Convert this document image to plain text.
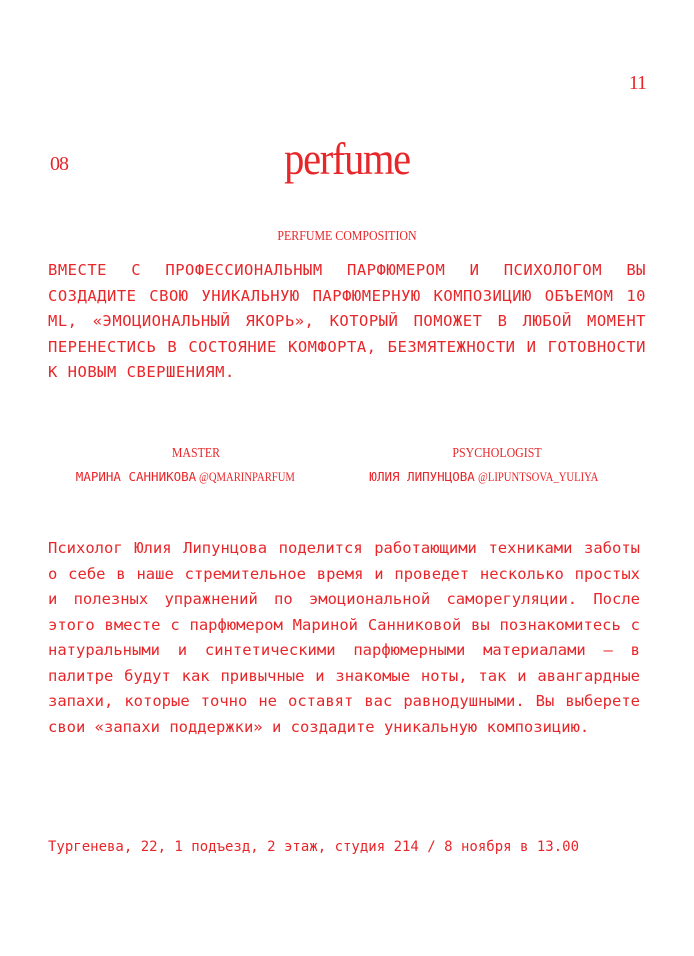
11
08	perfume
PERFUME COMPOSITION
ВМЕСТЕ С ПРОФЕССИОНАЛЬНЫМ ПАРФЮМЕРОМ И ПСИХОЛОГОМ ВЫ СОЗДАДИТЕ СВОЮ УНИКАЛЬНУЮ ПАРФЮМЕРНУЮ КОМПОЗИЦИЮ ОБЪЕМОМ 10 ML, «ЭМОЦИОНАЛЬНЫЙ ЯКОРЬ», КОТОРЫЙ ПОМОЖЕТ В ЛЮБОЙ МОМЕНТ ПЕРЕНЕСТИСЬ В СОСТОЯНИЕ КОМФОРТА, БЕЗМЯТЕЖНОСТИ И ГОТОВНОСТИ К НОВЫМ СВЕРШЕНИЯМ.
MASTER
МАРИНА САННИКОВА @QMARINPARFUM
PSYCHOLOGIST
ЮЛИЯ ЛИПУНЦОВА @LIPUNTSOVA_YULIYA
Психолог Юлия Липунцова поделится работающими техниками заботы о себе в наше стремительное время и проведет несколько простых и полезных упражнений по эмоциональной саморегуляции. После этого вместе с парфюмером Мариной Санниковой вы познакомитесь с натуральными и синтетическими парфюмерными материалами — в палитре будут как привычные и знакомые ноты, так и авангардные запахи, которые точно не оставят вас равнодушными. Вы выберете свои «запахи поддержки» и создадите уникальную композицию.
Тургенева, 22, 1 подъезд, 2 этаж, студия 214 / 8 ноября в 13.00
